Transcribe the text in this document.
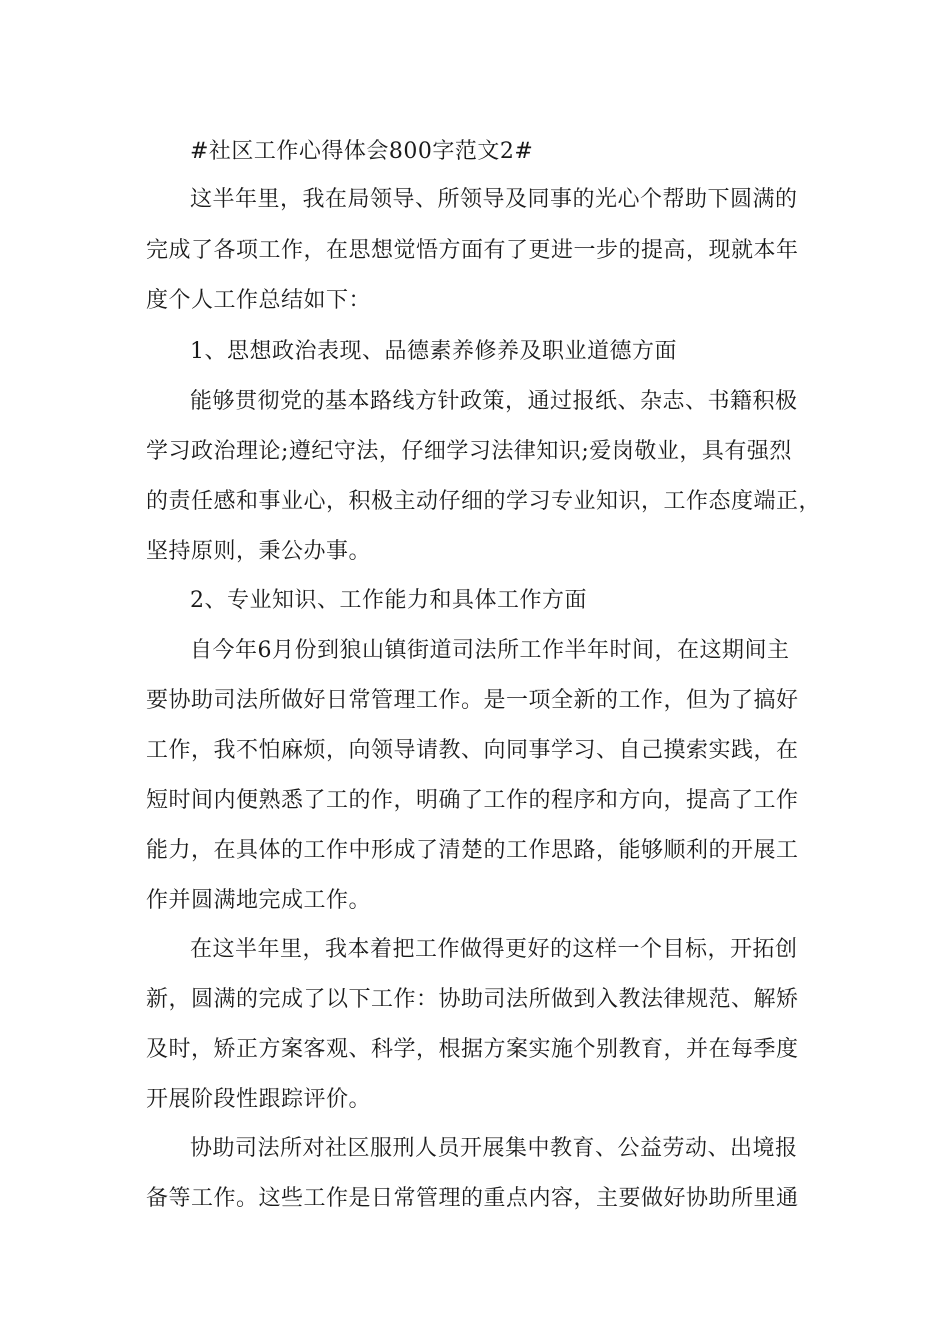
#社区工作心得体会800字范文2#
这半年里，我在局领导、所领导及同事的光心个帮助下圆满的
完成了各项工作，在思想觉悟方面有了更进一步的提高，现就本年
度个人工作总结如下：
1、思想政治表现、品德素养修养及职业道德方面
能够贯彻党的基本路线方针政策，通过报纸、杂志、书籍积极
学习政治理论;遵纪守法，仔细学习法律知识;爱岗敬业，具有强烈
的责任感和事业心，积极主动仔细的学习专业知识，工作态度端正，
坚持原则，秉公办事。
2、专业知识、工作能力和具体工作方面
自今年6月份到狼山镇街道司法所工作半年时间，在这期间主
要协助司法所做好日常管理工作。是一项全新的工作，但为了搞好
工作，我不怕麻烦，向领导请教、向同事学习、自己摸索实践，在
短时间内便熟悉了工的作，明确了工作的程序和方向，提高了工作
能力，在具体的工作中形成了清楚的工作思路，能够顺利的开展工
作并圆满地完成工作。
在这半年里，我本着把工作做得更好的这样一个目标，开拓创
新，圆满的完成了以下工作：协助司法所做到入教法律规范、解矫
及时，矫正方案客观、科学，根据方案实施个别教育，并在每季度
开展阶段性跟踪评价。
协助司法所对社区服刑人员开展集中教育、公益劳动、出境报
备等工作。这些工作是日常管理的重点内容，主要做好协助所里通
